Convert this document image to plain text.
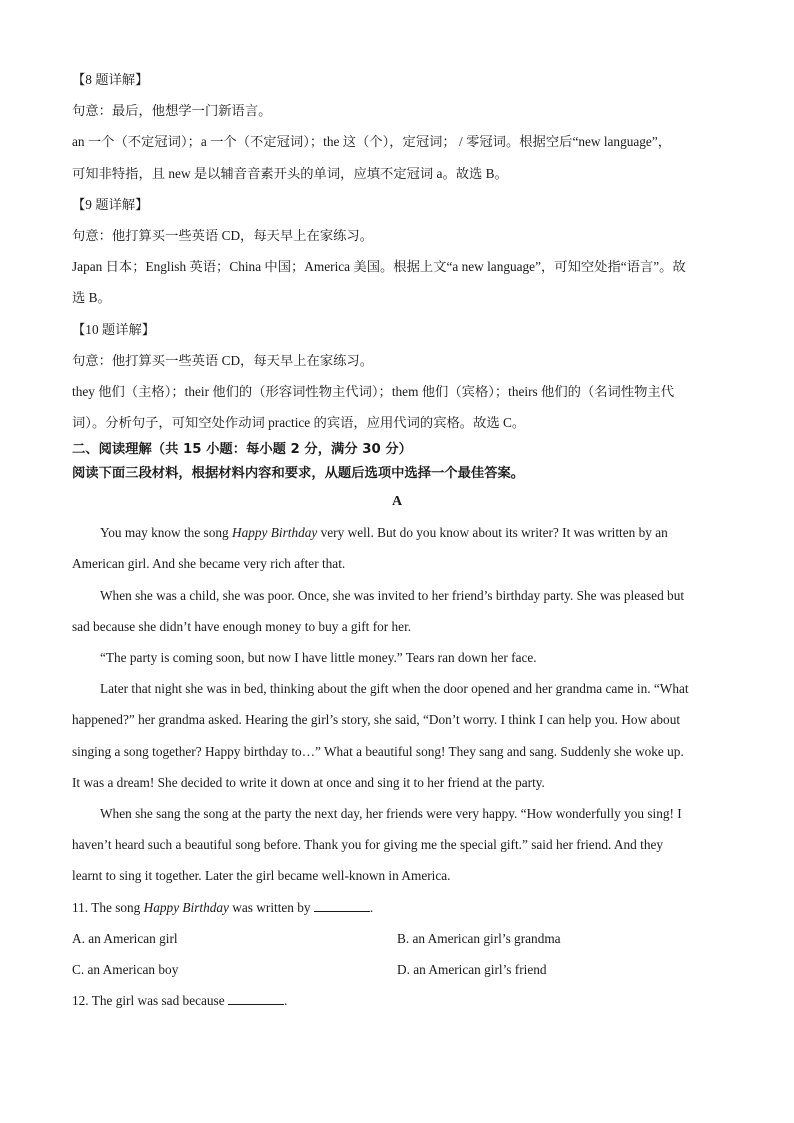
【8 题详解】

句意：最后，他想学一门新语言。

an 一个（不定冠词）；a 一个（不定冠词）；the 这（个），定冠词； / 零冠词。根据空后“new language”，

可知非特指，且 new 是以辅音音素开头的单词，应填不定冠词 a。故选 B。

【9 题详解】

句意：他打算买一些英语 CD，每天早上在家练习。

Japan 日本；English 英语；China 中国；America 美国。根据上文“a new language”，可知空处指“语言”。故

选 B。

【10 题详解】

句意：他打算买一些英语 CD，每天早上在家练习。

they 他们（主格）；their 他们的（形容词性物主代词）；them 他们（宾格）；theirs 他们的（名词性物主代

词）。分析句子，可知空处作动词 practice 的宾语，应用代词的宾格。故选 C。

二、阅读理解（共 15 小题：每小题 2 分，满分 30 分）
阅读下面三段材料，根据材料内容和要求，从题后选项中选择一个最佳答案。
A

You may know the song Happy Birthday very well. But do you know about its writer? It was written by an

American girl. And she became very rich after that.

When she was a child, she was poor. Once, she was invited to her friend’s birthday party. She was pleased but

sad because she didn’t have enough money to buy a gift for her.

“The party is coming soon, but now I have little money.” Tears ran down her face.

Later that night she was in bed, thinking about the gift when the door opened and her grandma came in. “What

happened?” her grandma asked. Hearing the girl’s story, she said, “Don’t worry. I think I can help you. How about

singing a song together? Happy birthday to…” What a beautiful song! They sang and sang. Suddenly she woke up.

It was a dream! She decided to write it down at once and sing it to her friend at the party.

When she sang the song at the party the next day, her friends were very happy. “How wonderfully you sing! I

haven’t heard such a beautiful song before. Thank you for giving me the special gift.” said her friend. And they

learnt to sing it together. Later the girl became well-known in America.

11. The song Happy Birthday was written by	.

A. an American girl	B. an American girl’s grandma
C. an American boy	D. an American girl’s friend

12. The girl was sad because	.
